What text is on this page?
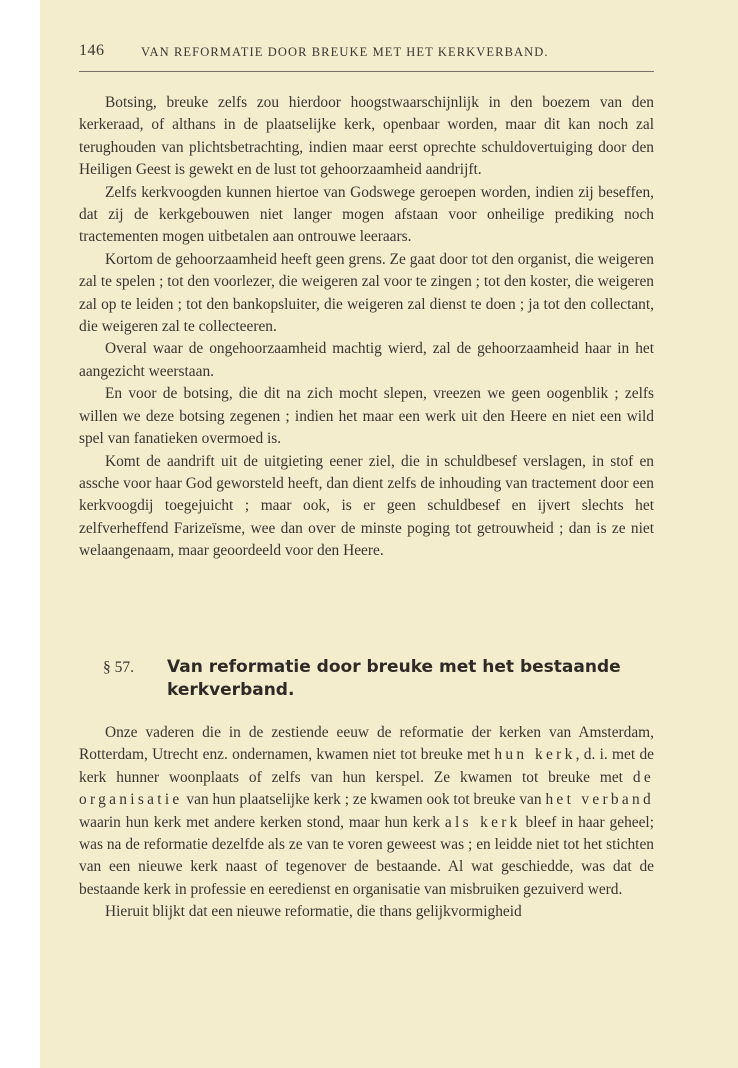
146	VAN REFORMATIE DOOR BREUKE MET HET KERKVERBAND.

Botsing, breuke zelfs zou hierdoor hoogstwaarschijnlijk in den boezem van den kerkeraad, of althans in de plaatselijke kerk, openbaar worden, maar dit kan noch zal terughouden van plichtsbetrachting, indien maar eerst oprechte schuldovertuiging door den Heiligen Geest is gewekt en de lust tot gehoorzaamheid aandrijft.

Zelfs kerkvoogden kunnen hiertoe van Godswege geroepen worden, indien zij beseffen, dat zij de kerkgebouwen niet langer mogen afstaan voor onheilige prediking noch tractementen mogen uitbetalen aan ontrouwe leeraars.

Kortom de gehoorzaamheid heeft geen grens. Ze gaat door tot den organist, die weigeren zal te spelen ; tot den voorlezer, die weigeren zal voor te zingen ; tot den koster, die weigeren zal op te leiden ; tot den bankopsluiter, die weigeren zal dienst te doen ; ja tot den collectant, die weigeren zal te collecteeren.

Overal waar de ongehoorzaamheid machtig wierd, zal de gehoorzaamheid haar in het aangezicht weerstaan.

En voor de botsing, die dit na zich mocht slepen, vreezen we geen oogenblik ; zelfs willen we deze botsing zegenen ; indien het maar een werk uit den Heere en niet een wild spel van fanatieken overmoed is.

Komt de aandrift uit de uitgieting eener ziel, die in schuldbesef verslagen, in stof en assche voor haar God geworsteld heeft, dan dient zelfs de inhouding van tractement door een kerkvoogdij toegejuicht ; maar ook, is er geen schuldbesef en ijvert slechts het zelfverheffend Farizeïsme, wee dan over de minste poging tot getrouwheid ; dan is ze niet welaangenaam, maar geoordeeld voor den Heere.

§ 57. Van reformatie door breuke met het bestaande kerkverband.

Onze vaderen die in de zestiende eeuw de reformatie der kerken van Amsterdam, Rotterdam, Utrecht enz. ondernamen, kwamen niet tot breuke met hun kerk, d. i. met de kerk hunner woonplaats of zelfs van hun kerspel. Ze kwamen tot breuke met de organisatie van hun plaatselijke kerk ; ze kwamen ook tot breuke van het verband waarin hun kerk met andere kerken stond, maar hun kerk als kerk bleef in haar geheel; was na de reformatie dezelfde als ze van te voren geweest was ; en leidde niet tot het stichten van een nieuwe kerk naast of tegenover de bestaande. Al wat geschiedde, was dat de bestaande kerk in professie en eeredienst en organisatie van misbruiken gezuiverd werd.

Hieruit blijkt dat een nieuwe reformatie, die thans gelijkvormigheid
